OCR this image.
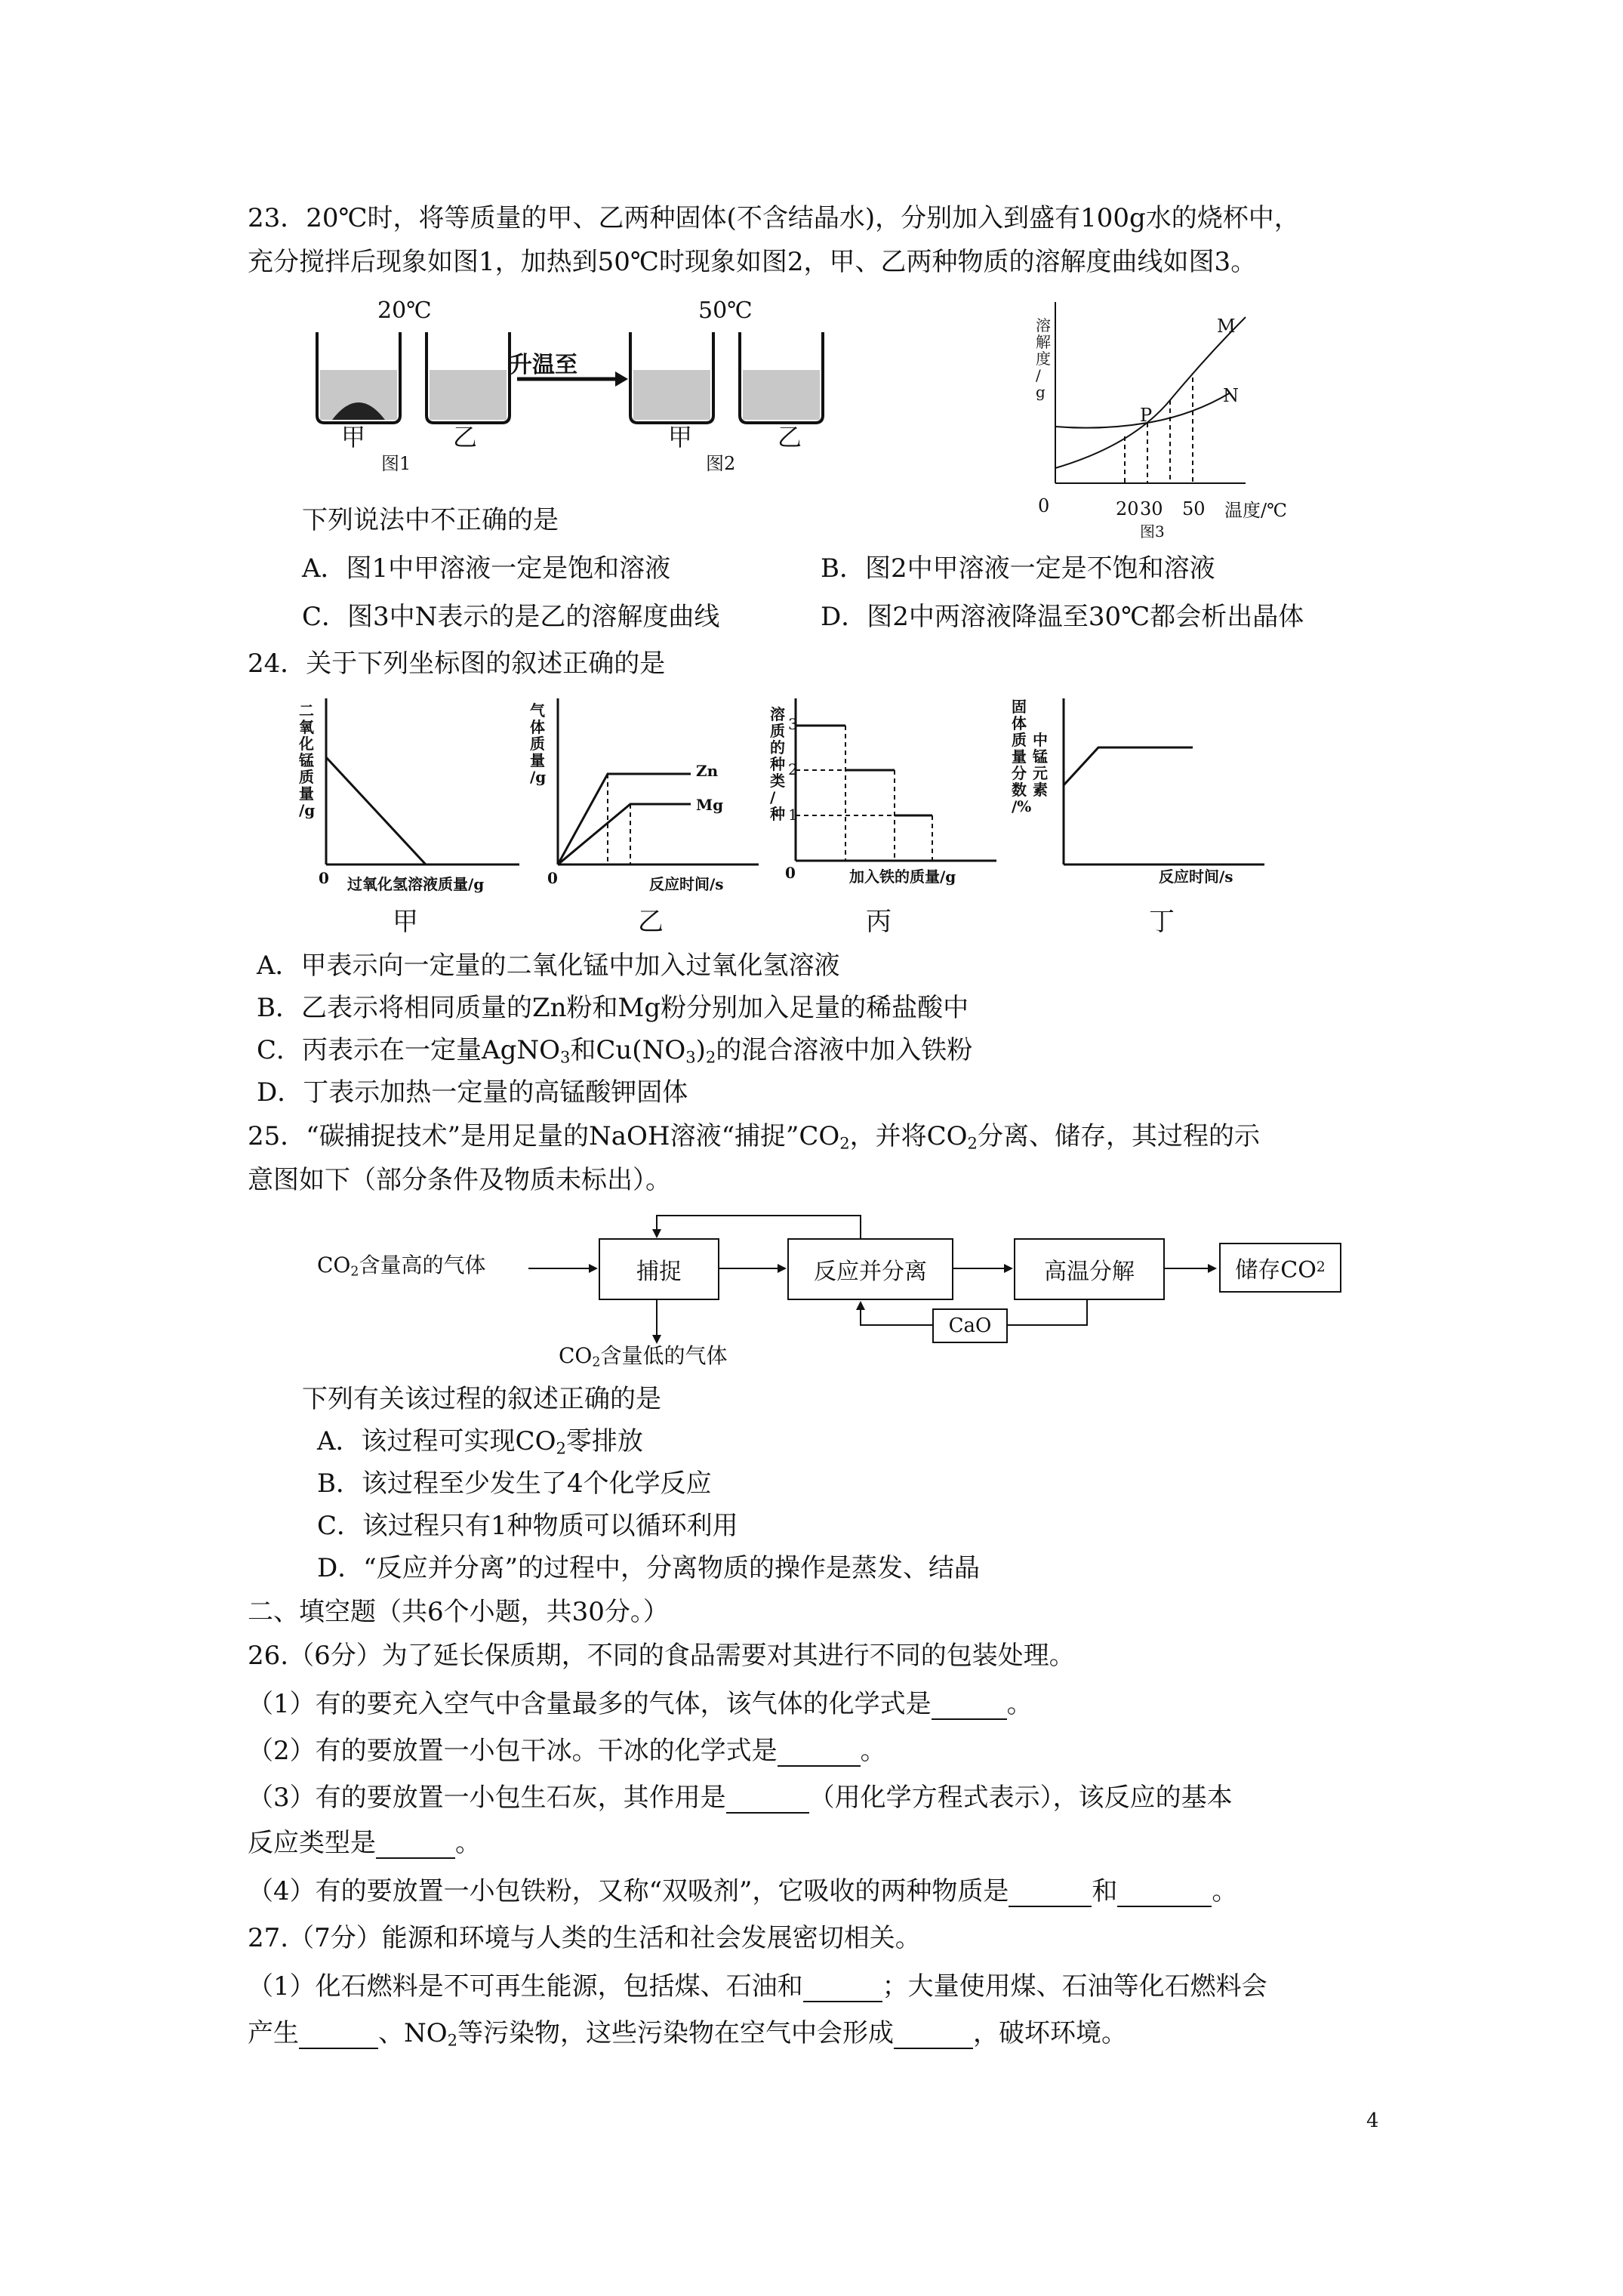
23．20℃时，将等质量的甲、乙两种固体(不含结晶水)，分别加入到盛有100g水的烧杯中，
充分搅拌后现象如图1，加热到50℃时现象如图2，甲、乙两种物质的溶解度曲线如图3。
20℃
升温至
甲	乙
图1
50℃
甲	乙
图2
溶
解
度
/
g
M
N
P
0	20 30 50 温度/℃
图3
下列说法中不正确的是
A．图1中甲溶液一定是饱和溶液	B．图2中甲溶液一定是不饱和溶液
C．图3中N表示的是乙的溶解度曲线	D．图2中两溶液降温至30℃都会析出晶体
24．关于下列坐标图的叙述正确的是
二
氧
化
锰
质
量
/g
0 过氧化氢溶液质量/g
甲
气
体
质
量
/g	Zn
Mg
0	反应时间/s
乙
溶
质
的
种
类
/
种
3
2
1
0	加入铁的质量/g
丙
固
体
质 中
量 锰
分 元
数 素
/%
反应时间/s
丁
A．甲表示向一定量的二氧化锰中加入过氧化氢溶液
B．乙表示将相同质量的Zn粉和Mg粉分别加入足量的稀盐酸中
C．丙表示在一定量AgNO$_3$和$Cu(NO_3)_2$的混合溶液中加入铁粉
D．丁表示加热一定量的高锰酸钾固体
25．“碳捕捉技术”是用足量的NaOH溶液“捕捉$”CO_2$，并将$CO_2$分离、储存，其过程的示
意图如下（部分条件及物质未标出）。
$CO_2$含量高的气体	捕捉	反应并分离	高温分解	储存CO 2
CaO
$CO_2$含量低的气体
下列有关该过程的叙述正确的是
A．该过程可实现$CO_2$零排放
B．该过程至少发生了4个化学反应
C．该过程只有1种物质可以循环利用
D．“反应并分离”的过程中，分离物质的操作是蒸发、结晶
二、填空题（共6个小题，共30分。）
26.（6分）为了延长保质期，不同的食品需要对其进行不同的包装处理。
（1）有的要充入空气中含量最多的气体，该气体的化学式是	。
（2）有的要放置一小包干冰。干冰的化学式是	。
（3）有的要放置一小包生石灰，其作用是	（用化学方程式表示），该反应的基本
反应类型是	。
（4）有的要放置一小包铁粉，又称“双吸剂”，它吸收的两种物质是	和	。
27.（7分）能源和环境与人类的生活和社会发展密切相关。
（1）化石燃料是不可再生能源，包括煤、石油和	；大量使用煤、石油等化石燃料会
产生	、$NO_2$等污染物，这些污染物在空气中会形成	，破坏环境。
4
